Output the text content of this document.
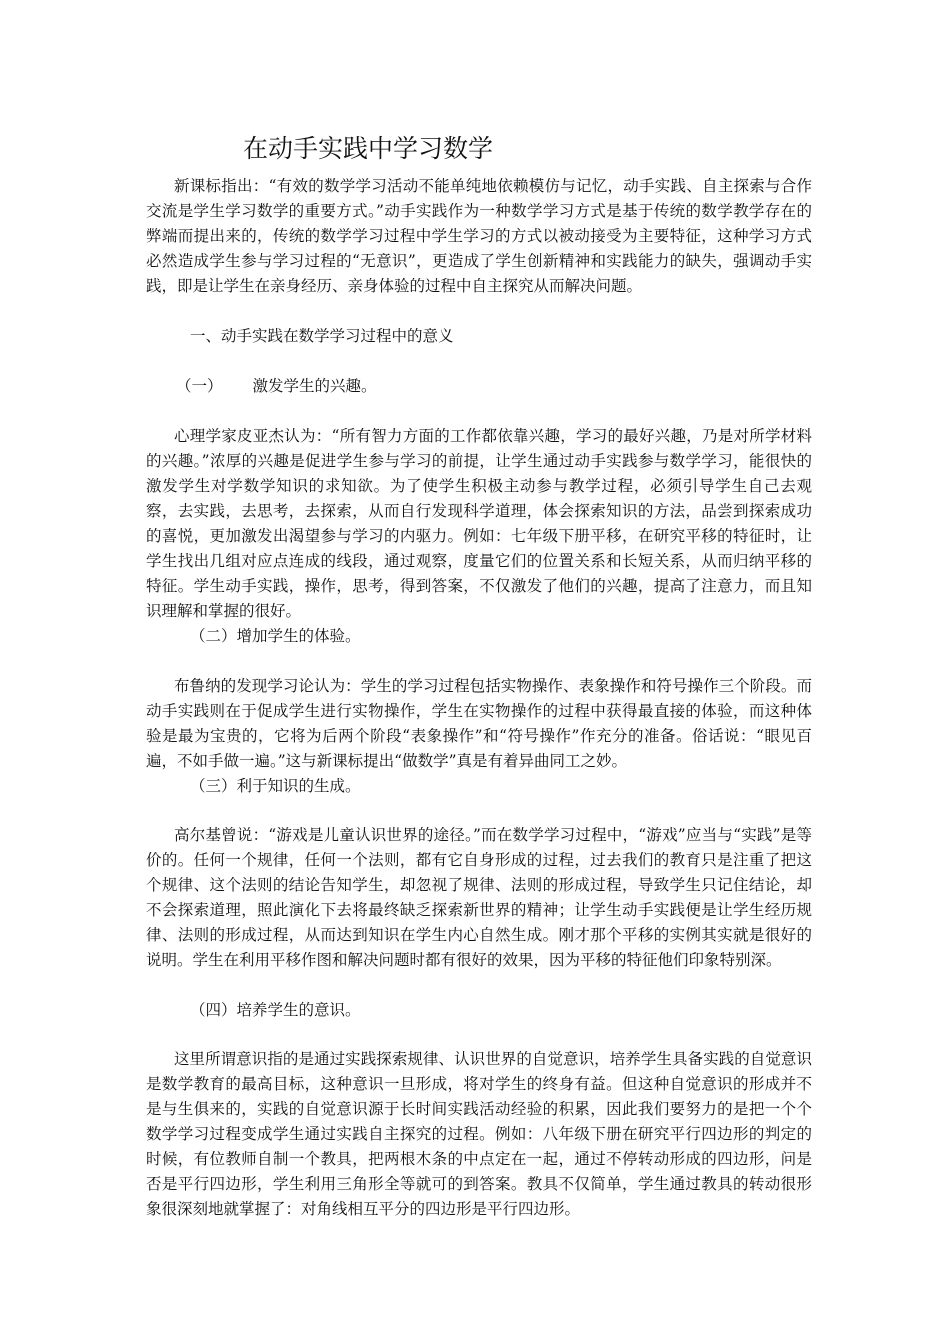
在动手实践中学习数学

新课标指出：“有效的数学学习活动不能单纯地依赖模仿与记忆，动手实践、自主探索与合作交流是学生学习数学的重要方式。”动手实践作为一种数学学习方式是基于传统的数学教学存在的弊端而提出来的，传统的数学学习过程中学生学习的方式以被动接受为主要特征，这种学习方式必然造成学生参与学习过程的“无意识”，更造成了学生创新精神和实践能力的缺失，强调动手实践，即是让学生在亲身经历、亲身体验的过程中自主探究从而解决问题。

一、动手实践在数学学习过程中的意义
（一） 激发学生的兴趣。

心理学家皮亚杰认为：“所有智力方面的工作都依靠兴趣，学习的最好兴趣，乃是对所学材料的兴趣。”浓厚的兴趣是促进学生参与学习的前提，让学生通过动手实践参与数学学习，能很快的激发学生对学数学知识的求知欲。为了使学生积极主动参与教学过程，必须引导学生自己去观察，去实践，去思考，去探索，从而自行发现科学道理，体会探索知识的方法，品尝到探索成功的喜悦，更加激发出渴望参与学习的内驱力。例如：七年级下册平移，在研究平移的特征时，让学生找出几组对应点连成的线段，通过观察，度量它们的位置关系和长短关系，从而归纳平移的特征。学生动手实践，操作，思考，得到答案，不仅激发了他们的兴趣，提高了注意力，而且知识理解和掌握的很好。

（二）增加学生的体验。

布鲁纳的发现学习论认为：学生的学习过程包括实物操作、表象操作和符号操作三个阶段。而动手实践则在于促成学生进行实物操作，学生在实物操作的过程中获得最直接的体验，而这种体验是最为宝贵的，它将为后两个阶段“表象操作”和“符号操作”作充分的准备。俗话说：“眼见百遍，不如手做一遍。”这与新课标提出“做数学”真是有着异曲同工之妙。

（三）利于知识的生成。

高尔基曾说：“游戏是儿童认识世界的途径。”而在数学学习过程中，“游戏”应当与“实践”是等价的。任何一个规律，任何一个法则，都有它自身形成的过程，过去我们的教育只是注重了把这个规律、这个法则的结论告知学生，却忽视了规律、法则的形成过程，导致学生只记住结论，却不会探索道理，照此演化下去将最终缺乏探索新世界的精神；让学生动手实践便是让学生经历规律、法则的形成过程，从而达到知识在学生内心自然生成。刚才那个平移的实例其实就是很好的说明。学生在利用平移作图和解决问题时都有很好的效果，因为平移的特征他们印象特别深。

（四）培养学生的意识。

这里所谓意识指的是通过实践探索规律、认识世界的自觉意识，培养学生具备实践的自觉意识是数学教育的最高目标，这种意识一旦形成，将对学生的终身有益。但这种自觉意识的形成并不是与生俱来的，实践的自觉意识源于长时间实践活动经验的积累，因此我们要努力的是把一个个数学学习过程变成学生通过实践自主探究的过程。例如：八年级下册在研究平行四边形的判定的时候，有位教师自制一个教具，把两根木条的中点定在一起，通过不停转动形成的四边形，问是否是平行四边形，学生利用三角形全等就可的到答案。教具不仅简单，学生通过教具的转动很形象很深刻地就掌握了：对角线相互平分的四边形是平行四边形。
